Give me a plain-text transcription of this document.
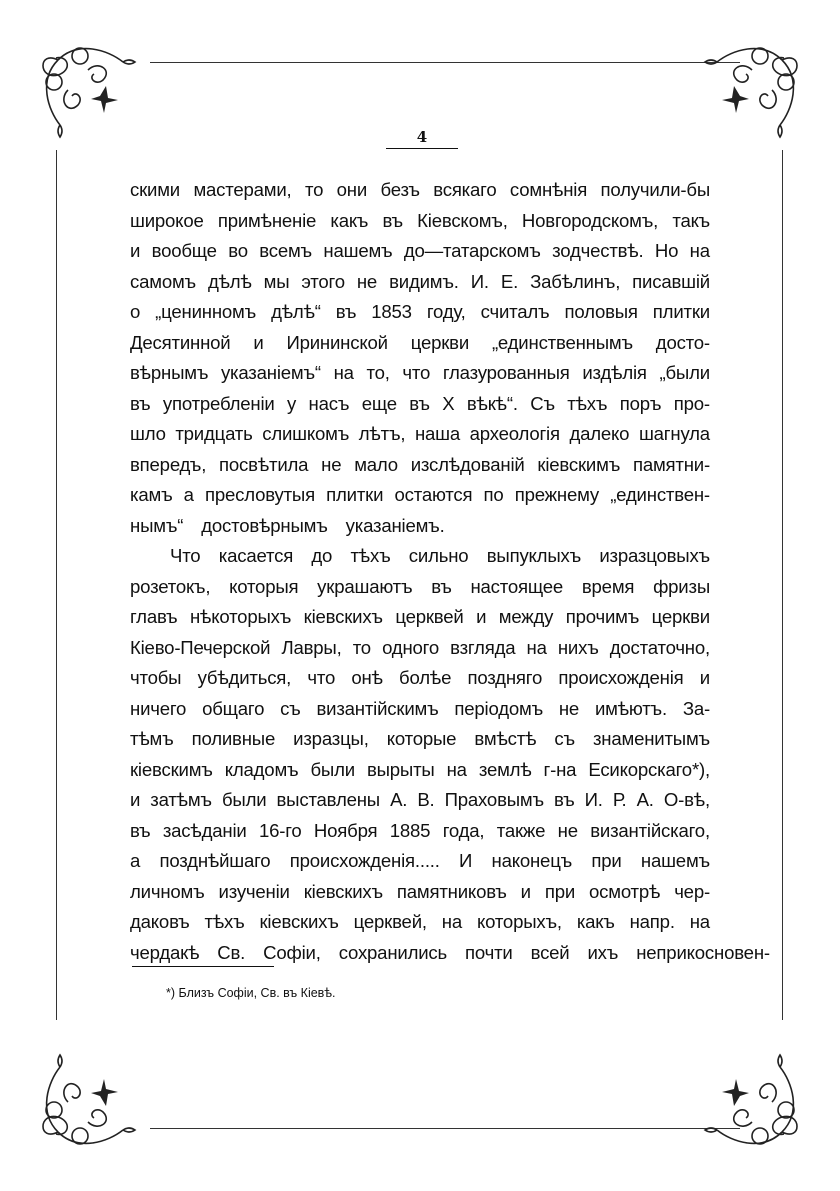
4
скими мастерами, то они безъ всякаго сомнѣнія получили-бы
широкое примѣненіе какъ въ Кіевскомъ, Новгородскомъ, такъ
и вообще во всемъ нашемъ до—татарскомъ зодчествѣ. Но на
самомъ дѣлѣ мы этого не видимъ. И. Е. Забѣлинъ, писавшій
о „ценинномъ дѣлѣ“ въ 1853 году, считалъ половыя плитки
Десятинной и Ирининской церкви „единственнымъ досто-
вѣрнымъ указаніемъ“ на то, что глазурованныя издѣлія „были
въ употребленіи у насъ еще въ Х вѣкѣ“. Съ тѣхъ поръ про-
шло тридцать слишкомъ лѣтъ, наша археологія далеко шагнула
впередъ, посвѣтила не мало изслѣдованій кіевскимъ памятни-
камъ а пресловутыя плитки остаются по прежнему „единствен-
нымъ“ достовѣрнымъ указаніемъ.
Что касается до тѣхъ сильно выпуклыхъ изразцовыхъ
розетокъ, которыя украшаютъ въ настоящее время фризы
главъ нѣкоторыхъ кіевскихъ церквей и между прочимъ церкви
Кіево-Печерской Лавры, то одного взгляда на нихъ достаточно,
чтобы убѣдиться, что онѣ болѣе поздняго происхожденія и
ничего общаго съ византійскимъ періодомъ не имѣютъ. За-
тѣмъ поливные изразцы, которые вмѣстѣ съ знаменитымъ
кіевскимъ кладомъ были вырыты на землѣ г-на Есикорскаго*),
и затѣмъ были выставлены А. В. Праховымъ въ И. Р. А. О-вѣ,
въ засѣданіи 16-го Ноября 1885 года, также не византійскаго,
а позднѣйшаго происхожденія..... И наконецъ при нашемъ
личномъ изученіи кіевскихъ памятниковъ и при осмотрѣ чер-
даковъ тѣхъ кіевскихъ церквей, на которыхъ, какъ напр. на
чердакѣ Св. Софіи, сохранились почти всей ихъ неприкосновен-
*) Близъ Софіи, Св. въ Кіевѣ.
